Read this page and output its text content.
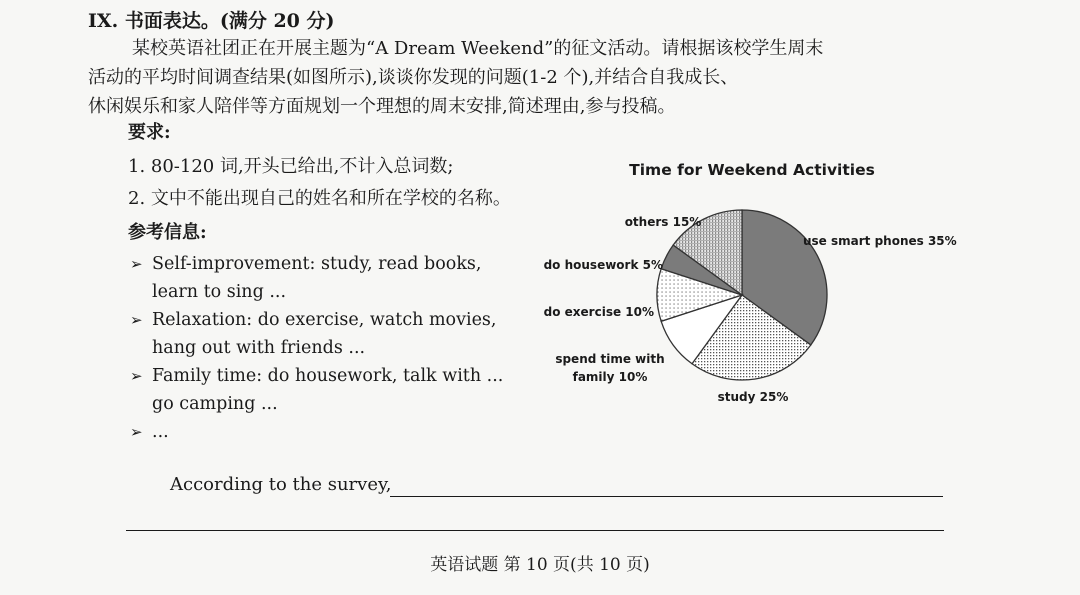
IX. 书面表达。(满分 20 分)
某校英语社团正在开展主题为“A Dream Weekend”的征文活动。请根据该校学生周末
活动的平均时间调查结果(如图所示),谈谈你发现的问题(1-2 个),并结合自我成长、
休闲娱乐和家人陪伴等方面规划一个理想的周末安排,简述理由,参与投稿。
要求:
1. 80-120 词,开头已给出,不计入总词数;
2. 文中不能出现自己的姓名和所在学校的名称。
参考信息:
➢ Self-improvement: study, read books,
learn to sing ...
➢ Relaxation: do exercise, watch movies,
hang out with friends ...
➢ Family time: do housework, talk with ...
go camping ...
➢ ...
Time for Weekend Activities
use smart phones 35%
study 25%
spend time with
family 10%
do exercise 10%
do housework 5%
others 15%
According to the survey,
英语试题 第 10 页(共 10 页)
